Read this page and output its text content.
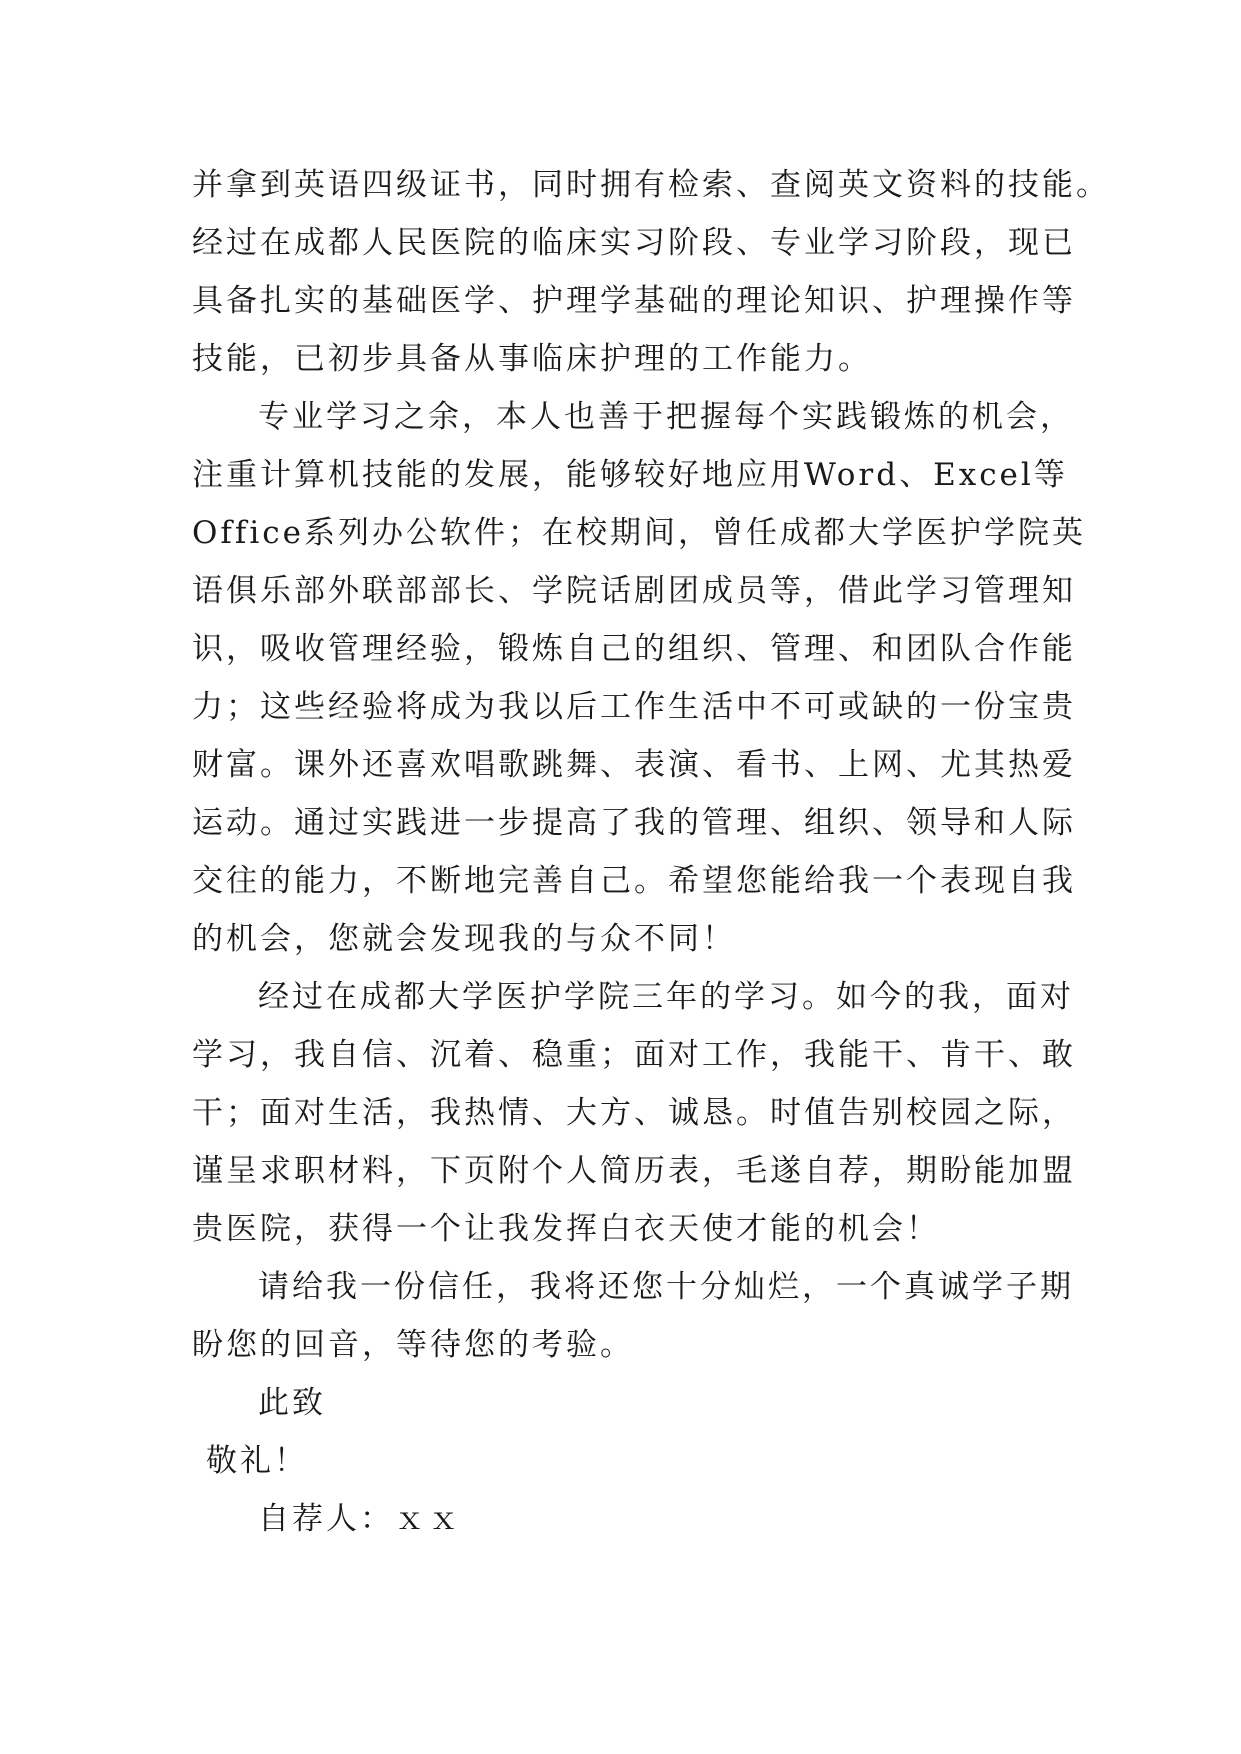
并拿到英语四级证书，同时拥有检索、查阅英文资料的技能。
经过在成都人民医院的临床实习阶段、专业学习阶段，现已
具备扎实的基础医学、护理学基础的理论知识、护理操作等
技能，已初步具备从事临床护理的工作能力。
专业学习之余，本人也善于把握每个实践锻炼的机会，
注重计算机技能的发展，能够较好地应用Word、Excel等
Office系列办公软件；在校期间，曾任成都大学医护学院英
语俱乐部外联部部长、学院话剧团成员等，借此学习管理知
识，吸收管理经验，锻炼自己的组织、管理、和团队合作能
力；这些经验将成为我以后工作生活中不可或缺的一份宝贵
财富。课外还喜欢唱歌跳舞、表演、看书、上网、尤其热爱
运动。通过实践进一步提高了我的管理、组织、领导和人际
交往的能力，不断地完善自己。希望您能给我一个表现自我
的机会，您就会发现我的与众不同！
经过在成都大学医护学院三年的学习。如今的我，面对
学习，我自信、沉着、稳重；面对工作，我能干、肯干、敢
干；面对生活，我热情、大方、诚恳。时值告别校园之际，
谨呈求职材料，下页附个人简历表，毛遂自荐，期盼能加盟
贵医院，获得一个让我发挥白衣天使才能的机会！
请给我一份信任，我将还您十分灿烂，一个真诚学子期
盼您的回音，等待您的考验。
此致
敬礼！
自荐人：ｘｘ
